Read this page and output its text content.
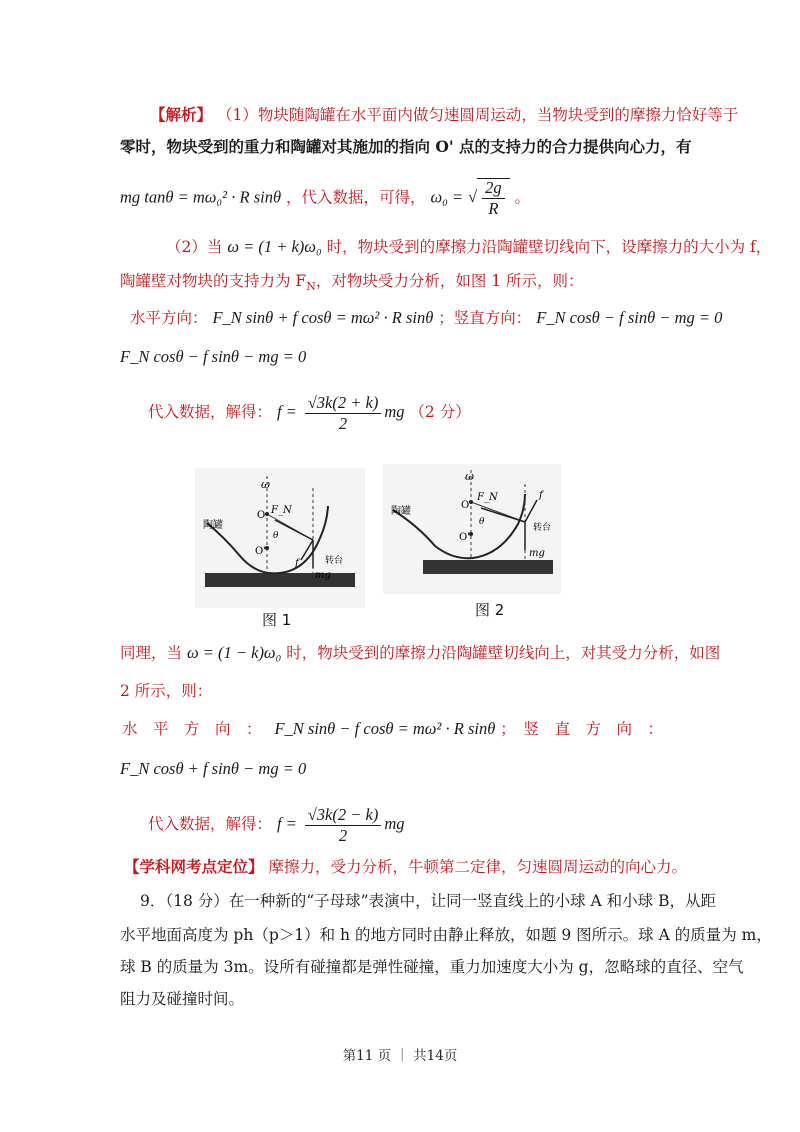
【解析】 （1）物块随陶罐在水平面内做匀速圆周运动，当物块受到的摩擦力恰好等于
零时，物块受到的重力和陶罐对其施加的指向 O' 点的支持力的合力提供向心力，有
mg tanθ = mω₀² · R sinθ ，代入数据，可得， ω₀ = √ $\frac{2g}{R}$ 。
（2）当 ω = (1 + k)ω₀ 时，物块受到的摩擦力沿陶罐壁切线向下，设摩擦力的大小为 f，
陶罐壁对物块的支持力为 $F_N$，对物块受力分析，如图 1 所示，则：
水平方向： F_N sinθ + f cosθ = mω² · R sinθ ；竖直方向： F_N cosθ − f sinθ − mg = 0
F_N cosθ − f sinθ − mg = 0
代入数据，解得： $f = \frac{√3k(2 + k)}{2}$ mg （2 分）
ω
O
O'
陶罐
转台
F_N
f
mg
θ
图 1
ω
O
O'
陶罐
转台
F_N	f
mg
θ
图 2
同理，当 ω = (1 − k)ω₀ 时，物块受到的摩擦力沿陶罐壁切线向上，对其受力分析，如图
2 所示，则：
水　平　方　向　： F_N sinθ − f cosθ = mω² · R sinθ ；　竖　直　方　向　：
F_N cosθ + f sinθ − mg = 0
代入数据，解得： $f = \frac{√3k(2 - k)}{2}$ mg
【学科网考点定位】 摩擦力，受力分析，牛顿第二定律，匀速圆周运动的向心力。
9．（18 分）在一种新的“子母球”表演中，让同一竖直线上的小球 A 和小球 B，从距
水平地面高度为 ph（p＞1）和 h 的地方同时由静止释放，如题 9 图所示。球 A 的质量为 m，
球 B 的质量为 3m。设所有碰撞都是弹性碰撞，重力加速度大小为 g，忽略球的直径、空气
阻力及碰撞时间。
第11 页 ｜ 共14页
